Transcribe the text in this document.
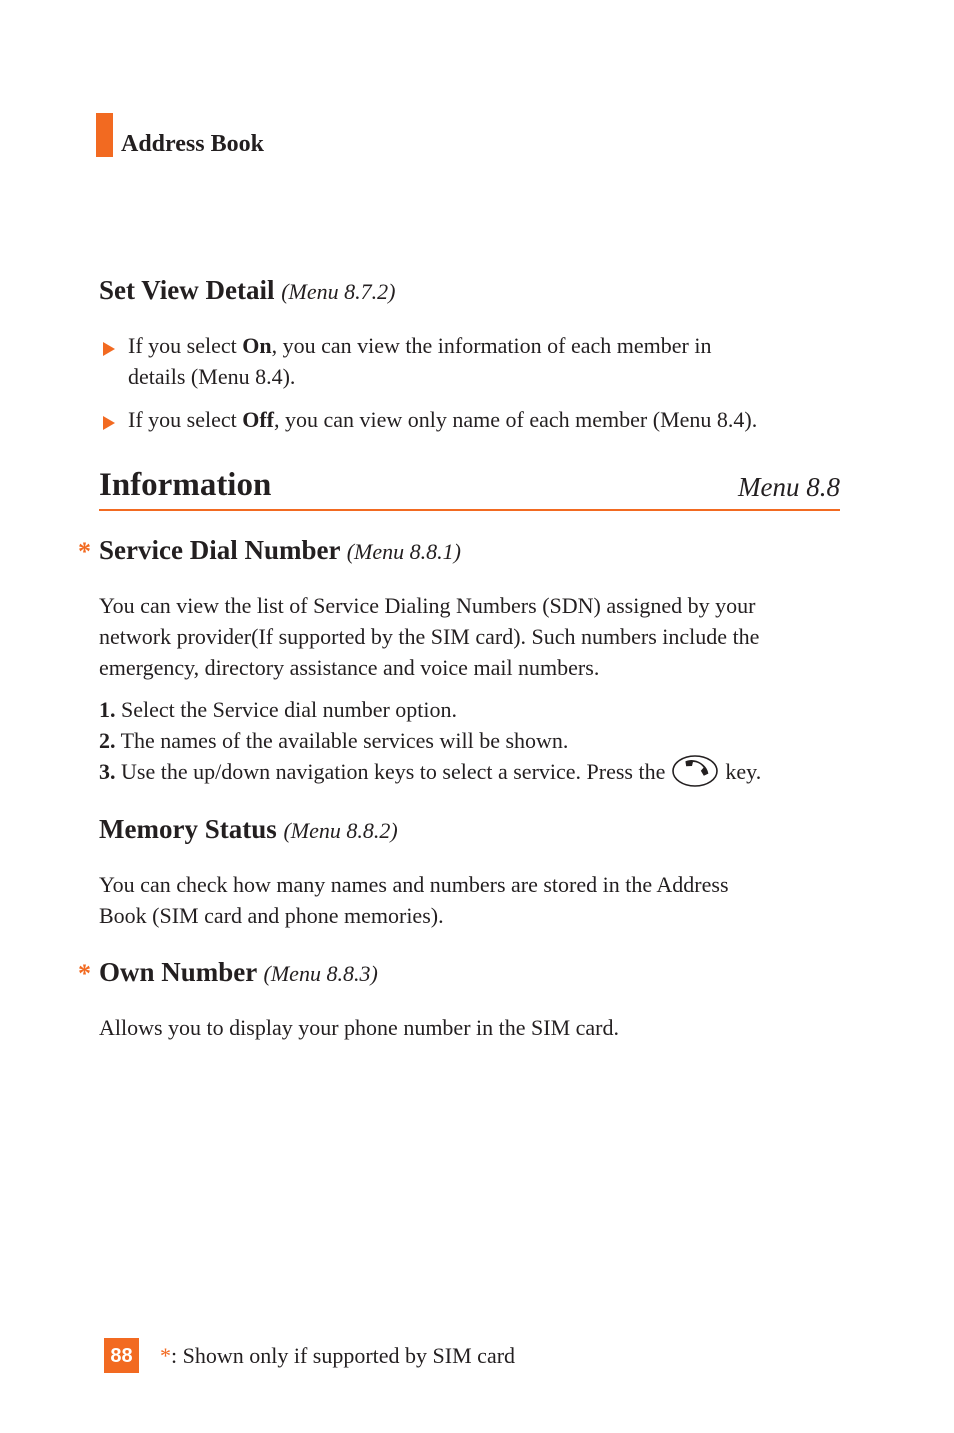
Address Book
Set View Detail (Menu 8.7.2)
If you select On, you can view the information of each member in
details (Menu 8.4).
If you select Off, you can view only name of each member (Menu 8.4).
Information	Menu 8.8
* Service Dial Number (Menu 8.8.1)
You can view the list of Service Dialing Numbers (SDN) assigned by your
network provider(If supported by the SIM card). Such numbers include the
emergency, directory assistance and voice mail numbers.
1. Select the Service dial number option.
2. The names of the available services will be shown.
3. Use the up/down navigation keys to select a service. Press the	key.
Memory Status (Menu 8.8.2)
You can check how many names and numbers are stored in the Address
Book (SIM card and phone memories).
* Own Number (Menu 8.8.3)
Allows you to display your phone number in the SIM card.
88 *: Shown only if supported by SIM card
